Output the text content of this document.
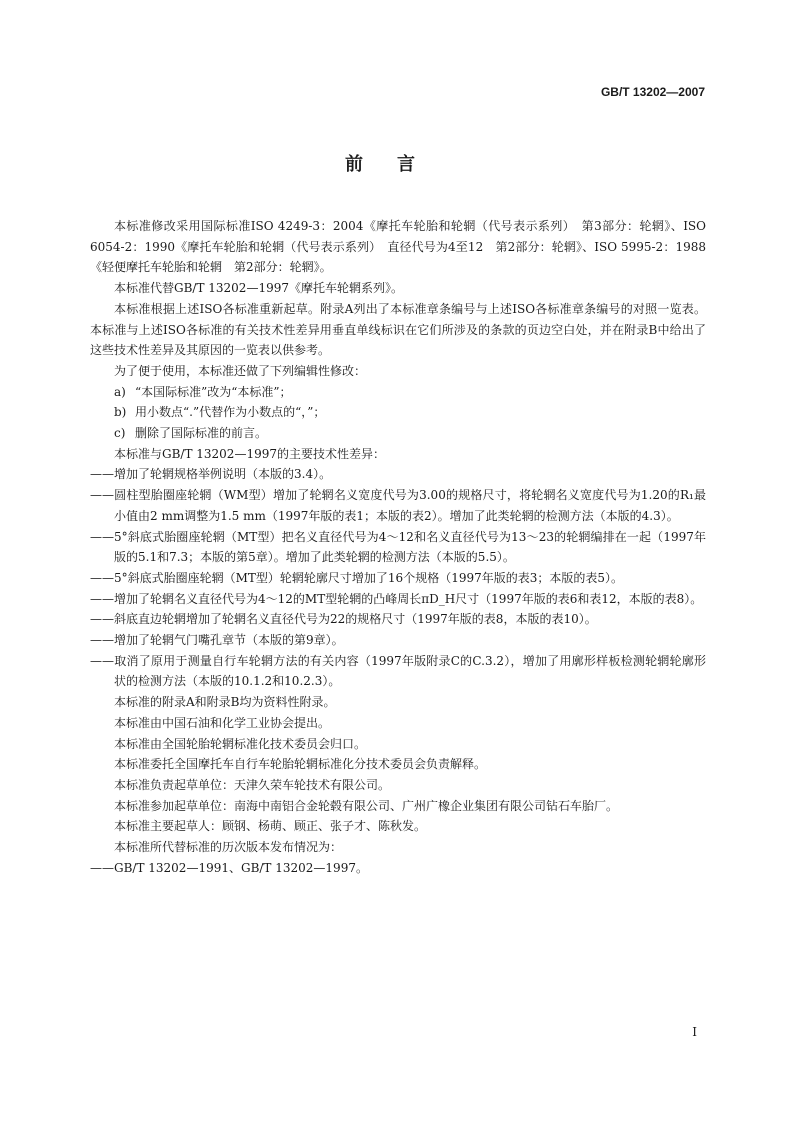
GB/T 13202—2007
前言

本标准修改采用国际标准ISO 4249-3：2004《摩托车轮胎和轮辋（代号表示系列）　第3部分：轮辋》、ISO 6054-2：1990《摩托车轮胎和轮辋（代号表示系列）　直径代号为4至12　第2部分：轮辋》、ISO 5995-2：1988《轻便摩托车轮胎和轮辋　第2部分：轮辋》。

本标准代替GB/T 13202—1997《摩托车轮辋系列》。

本标准根据上述ISO各标准重新起草。附录A列出了本标准章条编号与上述ISO各标准章条编号的对照一览表。本标准与上述ISO各标准的有关技术性差异用垂直单线标识在它们所涉及的条款的页边空白处，并在附录B中给出了这些技术性差异及其原因的一览表以供参考。

为了便于使用，本标准还做了下列编辑性修改：

a) “本国际标准”改为“本标准”；

b) 用小数点“.”代替作为小数点的“，”；

c) 删除了国际标准的前言。

本标准与GB/T 13202—1997的主要技术性差异：

——增加了轮辋规格举例说明（本版的3.4）。

——圆柱型胎圈座轮辋（WM型）增加了轮辋名义宽度代号为3.00的规格尺寸，将轮辋名义宽度代号为1.20的R₁最小值由2 mm调整为1.5 mm（1997年版的表1；本版的表2）。增加了此类轮辋的检测方法（本版的4.3）。

——5°斜底式胎圈座轮辋（MT型）把名义直径代号为4～12和名义直径代号为13～23的轮辋编排在一起（1997年版的5.1和7.3；本版的第5章）。增加了此类轮辋的检测方法（本版的5.5）。

——5°斜底式胎圈座轮辋（MT型）轮辋轮廓尺寸增加了16个规格（1997年版的表3；本版的表5）。

——增加了轮辋名义直径代号为4～12的MT型轮辋的凸峰周长πD_H尺寸（1997年版的表6和表12，本版的表8）。

——斜底直边轮辋增加了轮辋名义直径代号为22的规格尺寸（1997年版的表8，本版的表10）。

——增加了轮辋气门嘴孔章节（本版的第9章）。

——取消了原用于测量自行车轮辋方法的有关内容（1997年版附录C的C.3.2），增加了用廓形样板检测轮辋轮廓形状的检测方法（本版的10.1.2和10.2.3）。

本标准的附录A和附录B均为资料性附录。

本标准由中国石油和化学工业协会提出。

本标准由全国轮胎轮辋标准化技术委员会归口。

本标准委托全国摩托车自行车轮胎轮辋标准化分技术委员会负责解释。

本标准负责起草单位：天津久荣车轮技术有限公司。

本标准参加起草单位：南海中南铝合金轮毂有限公司、广州广橡企业集团有限公司钻石车胎厂。

本标准主要起草人：顾钢、杨萌、顾正、张子才、陈秋发。

本标准所代替标准的历次版本发布情况为：

——GB/T 13202—1991、GB/T 13202—1997。

I
